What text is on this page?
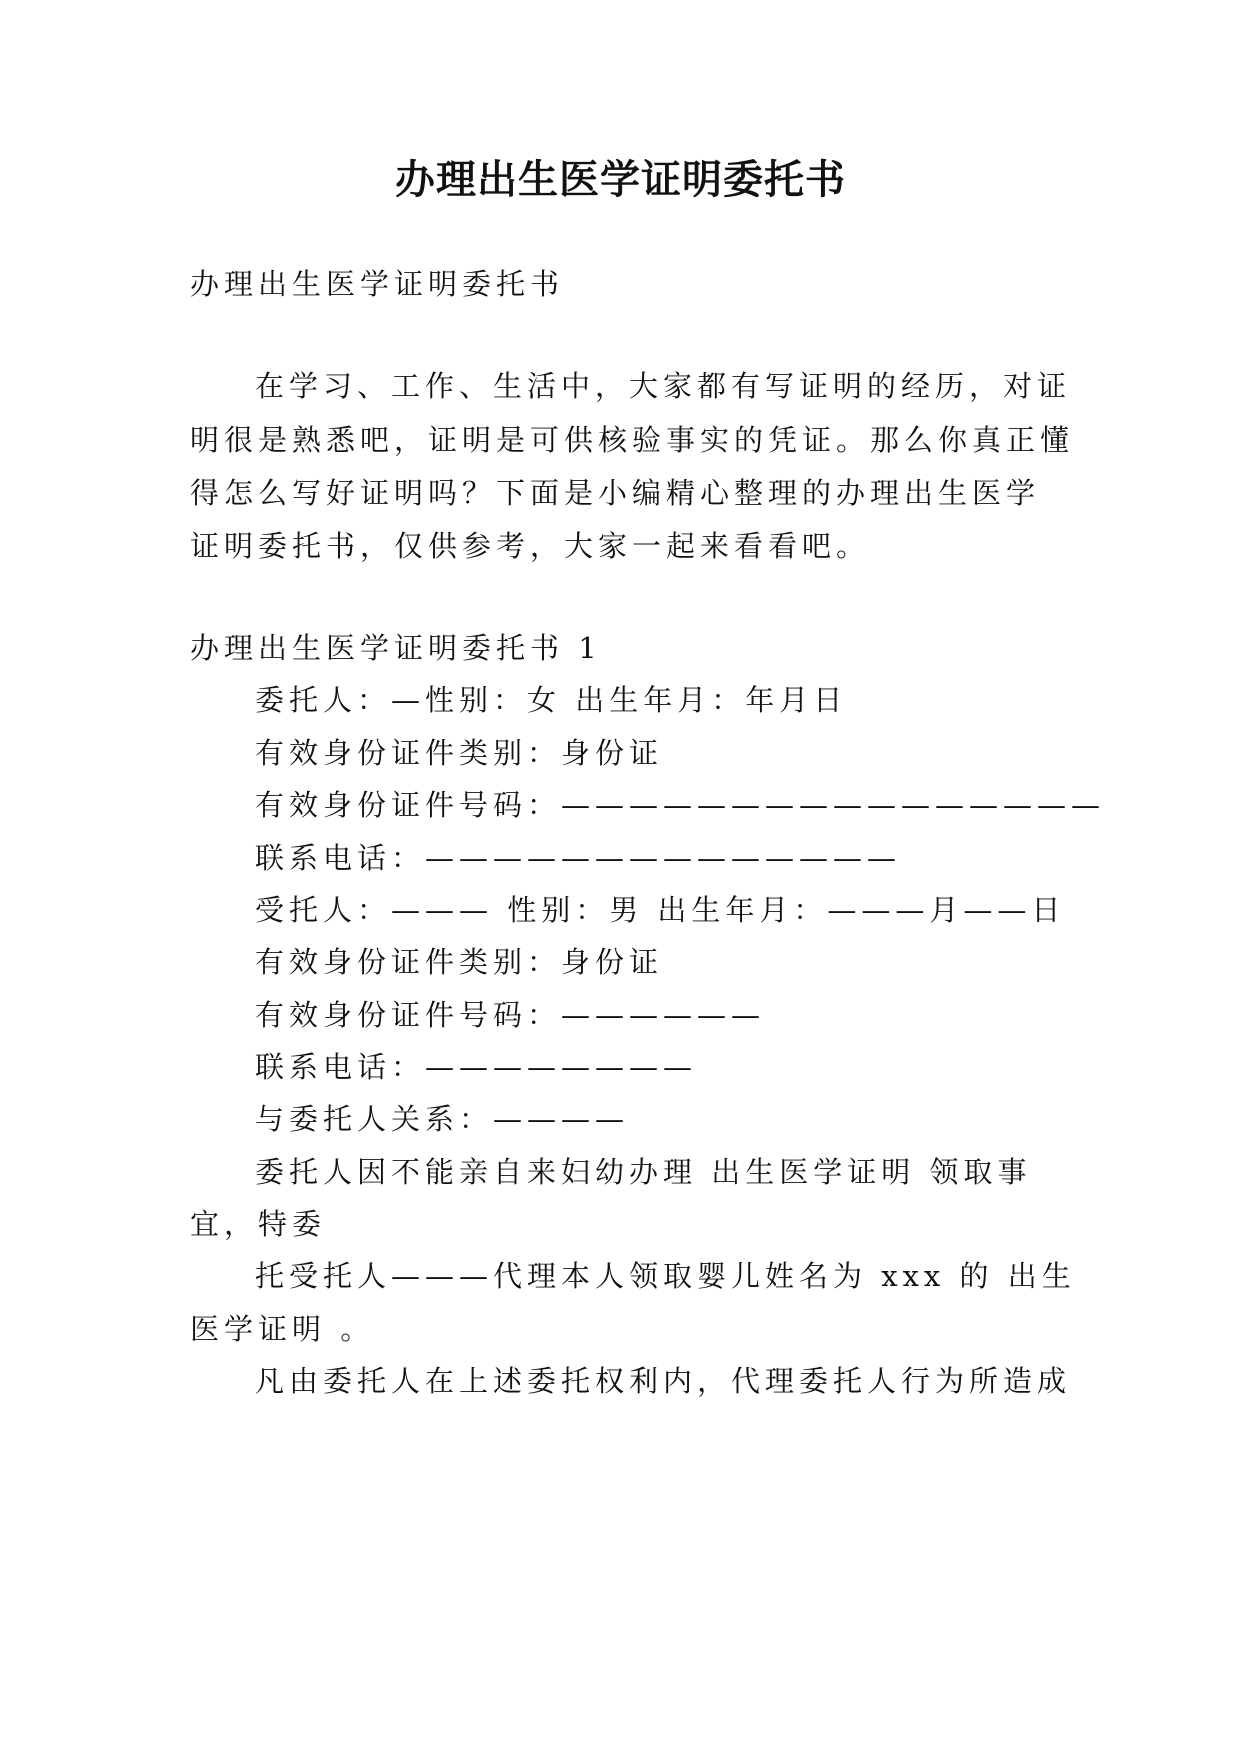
办理出生医学证明委托书

办理出生医学证明委托书

在学习、工作、生活中，大家都有写证明的经历，对证

明很是熟悉吧，证明是可供核验事实的凭证。那么你真正懂

得怎么写好证明吗？下面是小编精心整理的办理出生医学

证明委托书，仅供参考，大家一起来看看吧。

办理出生医学证明委托书 1

委托人：—性别：女 出生年月：年月日

有效身份证件类别：身份证

有效身份证件号码：————————————————

联系电话：——————————————

受托人：——— 性别：男 出生年月：———月——日

有效身份证件类别：身份证

有效身份证件号码：——————

联系电话：————————

与委托人关系：————

委托人因不能亲自来妇幼办理 出生医学证明 领取事

宜，特委

托受托人———代理本人领取婴儿姓名为 xxx 的 出生

医学证明 。

凡由委托人在上述委托权利内，代理委托人行为所造成
